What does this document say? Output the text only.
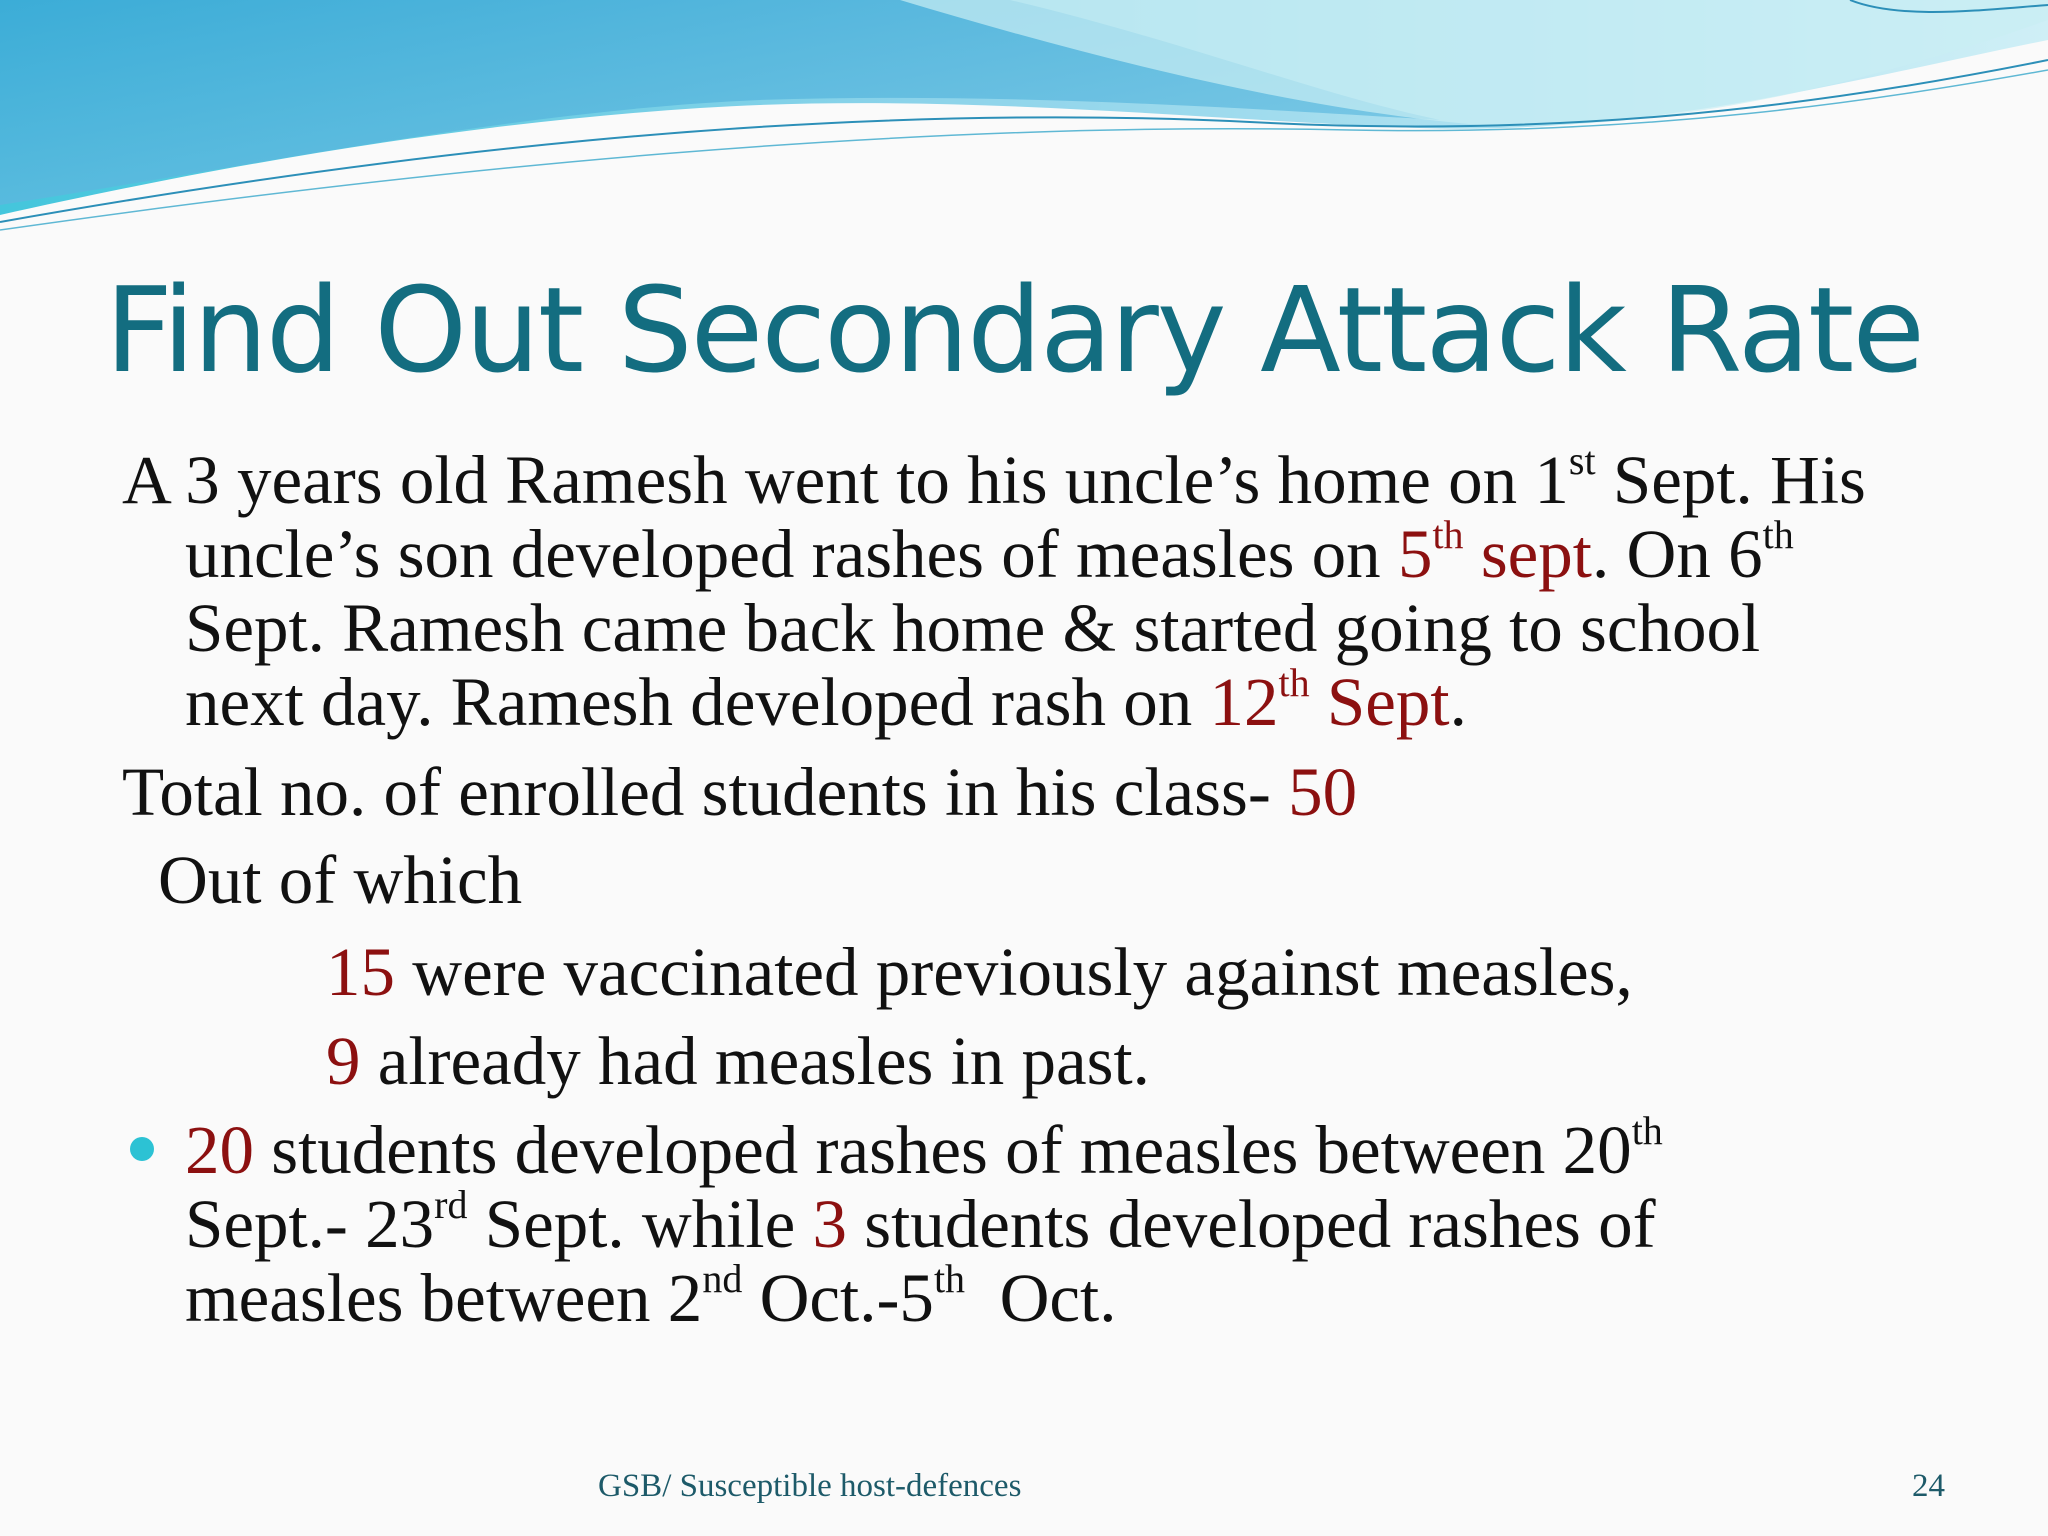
Find Out Secondary Attack Rate
A 3 years old Ramesh went to his uncle’s home on 1st Sept. His
uncle’s son developed rashes of measles on 5th sept. On 6th
Sept. Ramesh came back home & started going to school
next day. Ramesh developed rash on 12th Sept.
Total no. of enrolled students in his class- 50
Out of which
15 were vaccinated previously against measles,
9 already had measles in past.
20 students developed rashes of measles between 20th
Sept.- 23rd Sept. while 3 students developed rashes of
measles between 2nd Oct.-5th  Oct.
GSB/ Susceptible host-defences	24
